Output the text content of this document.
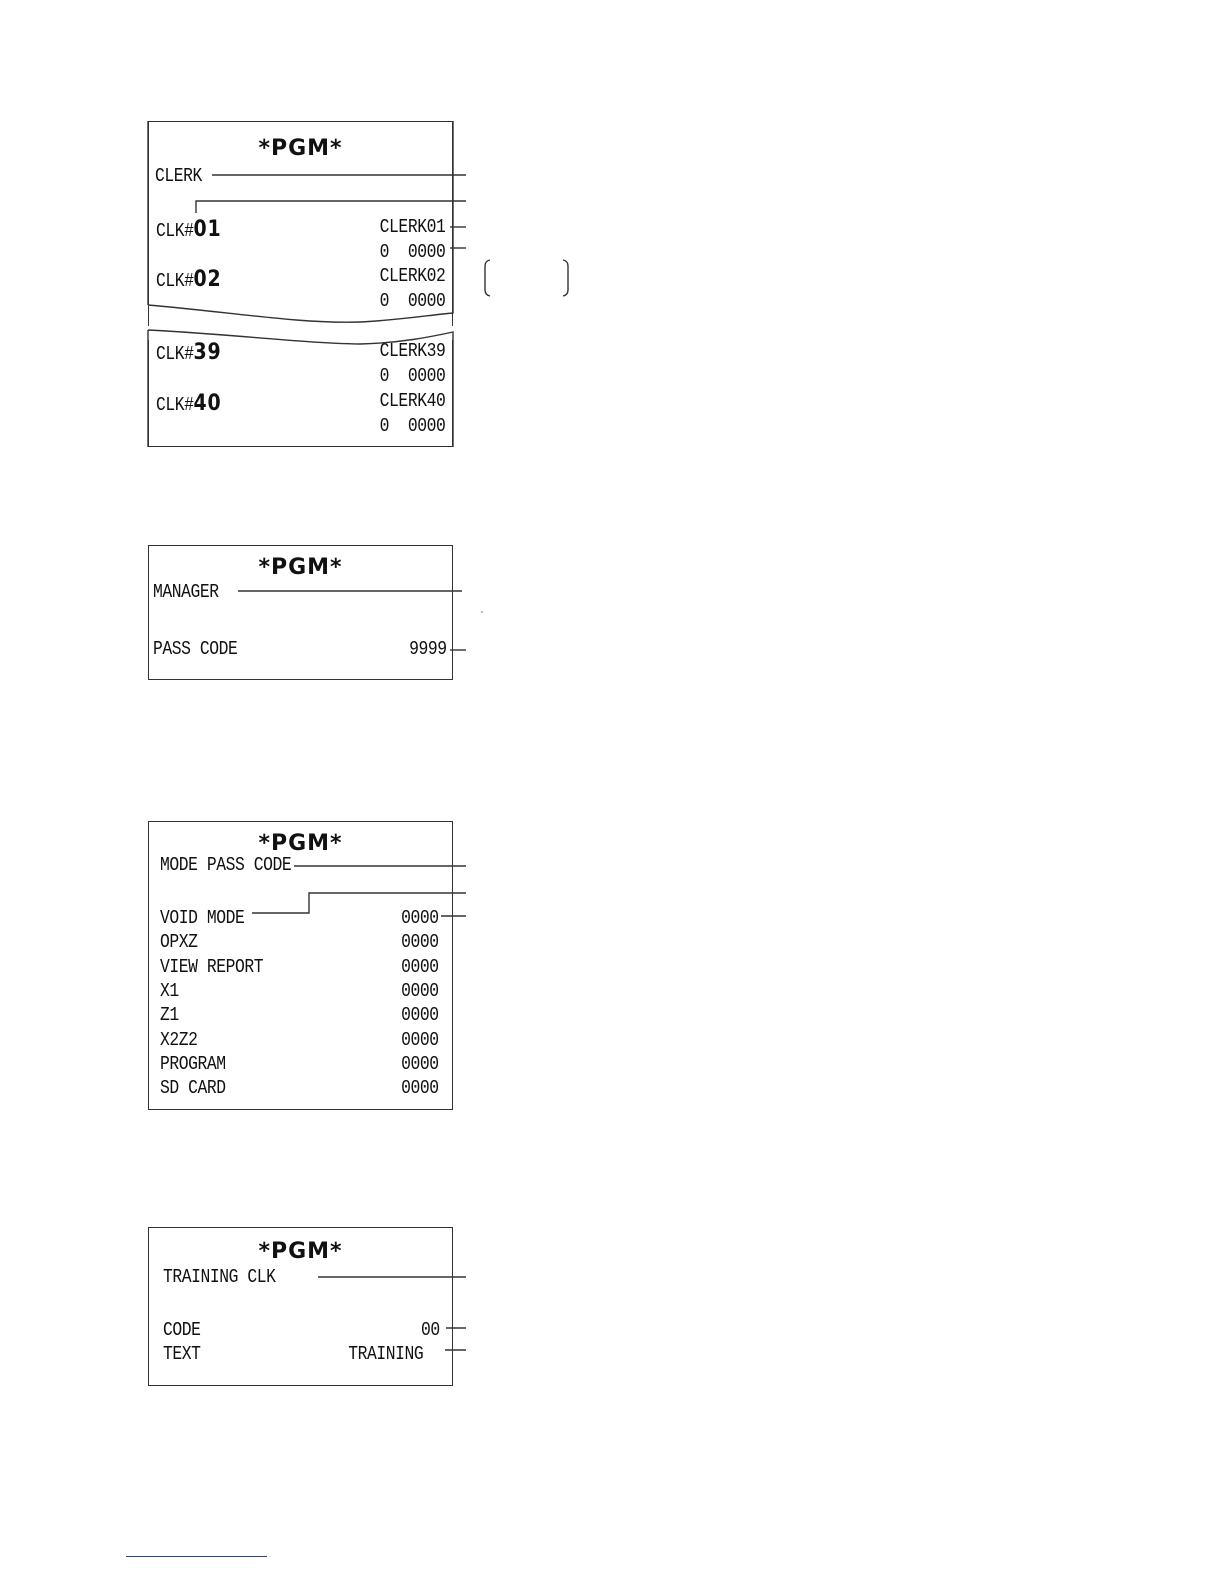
*PGM*
CLERK
CLK#01	CLERK01
0  0000
CLK#02	CLERK02
0  0000
CLK#39	CLERK39
0  0000
CLK#40	CLERK40
0  0000
*PGM*
MANAGER
PASS CODE	9999
*PGM*
MODE PASS CODE
VOID MODE	0000
OPXZ	0000
VIEW REPORT	0000
X1	0000
Z1	0000
X2Z2	0000
PROGRAM	0000
SD CARD	0000
*PGM*
TRAINING CLK
CODE	00
TEXT	TRAINING
